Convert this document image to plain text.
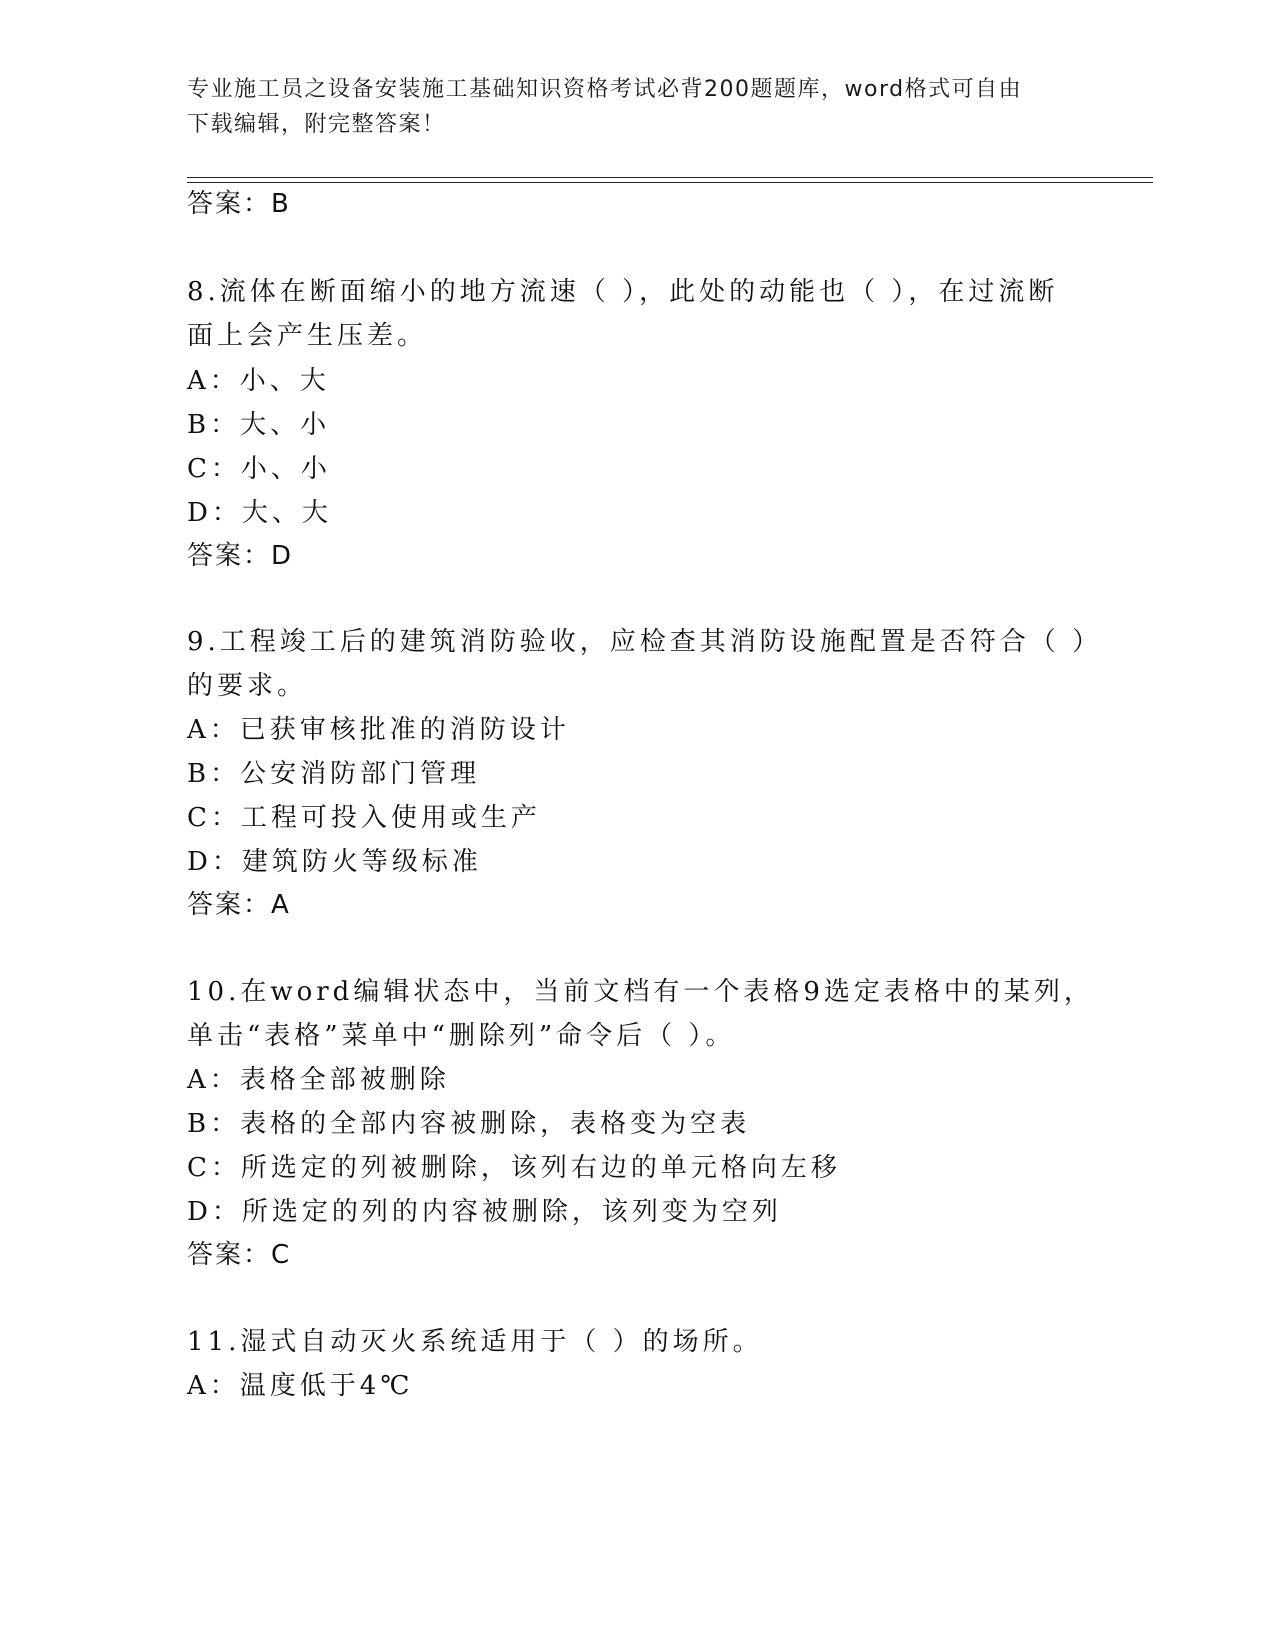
专业施工员之设备安装施工基础知识资格考试必背200题题库，word格式可自由
下载编辑，附完整答案！
答案：B
8.流体在断面缩小的地方流速（ ），此处的动能也（ ），在过流断
面上会产生压差。
A：小、大
B：大、小
C：小、小
D：大、大
答案：D
9.工程竣工后的建筑消防验收，应检查其消防设施配置是否符合（ ）
的要求。
A：已获审核批准的消防设计
B：公安消防部门管理
C：工程可投入使用或生产
D：建筑防火等级标准
答案：A
10.在word编辑状态中，当前文档有一个表格9选定表格中的某列，
单击“表格”菜单中“删除列”命令后（ ）。
A：表格全部被删除
B：表格的全部内容被删除，表格变为空表
C：所选定的列被删除，该列右边的单元格向左移
D：所选定的列的内容被删除，该列变为空列
答案：C
11.湿式自动灭火系统适用于（ ）的场所。
A：温度低于4℃
